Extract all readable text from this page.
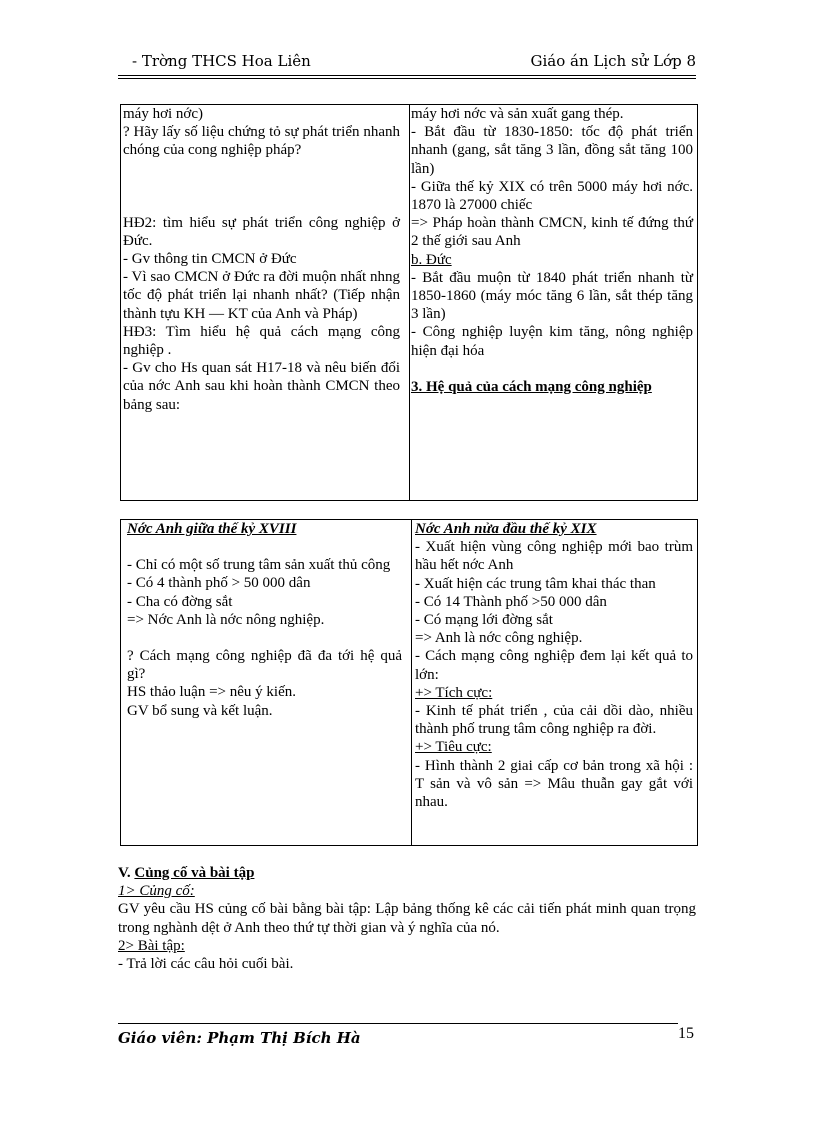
- Trờng THCS Hoa Liên	Giáo án Lịch sử Lớp 8
máy hơi nớc)
? Hãy lấy số liệu chứng tỏ sự phát triển nhanh chóng của cong nghiệp pháp?
HĐ2: tìm hiểu sự phát triển công nghiệp ở Đức.
- Gv thông tin CMCN ở Đức
- Vì sao CMCN ở Đức ra đời muộn nhất nhng tốc độ phát triển lại nhanh nhất? (Tiếp nhận thành tựu KH — KT của Anh và Pháp)
HĐ3: Tìm hiểu hệ quả cách mạng công nghiệp .
- Gv cho Hs quan sát H17-18 và nêu biến đổi của nớc Anh sau khi hoàn thành CMCN theo bảng sau:
máy hơi nớc và sản xuất gang thép.
- Bắt đầu từ 1830-1850: tốc độ phát triển nhanh (gang, sắt tăng 3 lần, đồng sắt tăng 100 lần)
- Giữa thế kỷ XIX có trên 5000 máy hơi nớc. 1870 là 27000 chiếc
=> Pháp hoàn thành CMCN, kinh tế đứng thứ 2 thế giới sau Anh
b. Đức
- Bắt đầu muộn từ 1840 phát triển nhanh từ 1850-1860 (máy móc tăng 6 lần, sắt thép tăng 3 lần)
- Công nghiệp luyện kim tăng, nông nghiệp hiện đại hóa
3. Hệ quả của cách mạng công nghiệp
Nớc Anh giữa thế kỷ XVIII
- Chỉ có một số trung tâm sản xuất thủ công
- Có 4 thành phố > 50 000 dân
- Cha có đờng sắt
=> Nớc Anh là nớc nông nghiệp.
? Cách mạng công nghiệp đã đa tới hệ quả gì?
HS thảo luận => nêu ý kiến.
GV bổ sung và kết luận.
Nớc Anh nửa đầu thế kỷ XIX
- Xuất hiện vùng công nghiệp mới bao trùm hầu hết nớc Anh
- Xuất hiện các trung tâm khai thác than
- Có 14 Thành phố >50 000 dân
- Có mạng lới đờng sắt
=> Anh là nớc công nghiệp.
- Cách mạng công nghiệp đem lại kết quả to lớn:
+> Tích cực:
- Kinh tế phát triển , của cải dồi dào, nhiều thành phố trung tâm công nghiệp ra đời.
+> Tiêu cực:
- Hình thành 2 giai cấp cơ bản trong xã hội : T sản và vô sản => Mâu thuẫn gay gắt với nhau.
V. Củng cố và bài tập
1> Củng cố:
GV yêu cầu HS củng cố bài bằng bài tập: Lập bảng thống kê các cải tiến phát minh quan trọng trong nghành dệt ở Anh theo thứ tự thời gian và ý nghĩa của nó.
2> Bài tập:
- Trả lời các câu hỏi cuối bài.
Giáo viên: Phạm Thị Bích Hà	15
